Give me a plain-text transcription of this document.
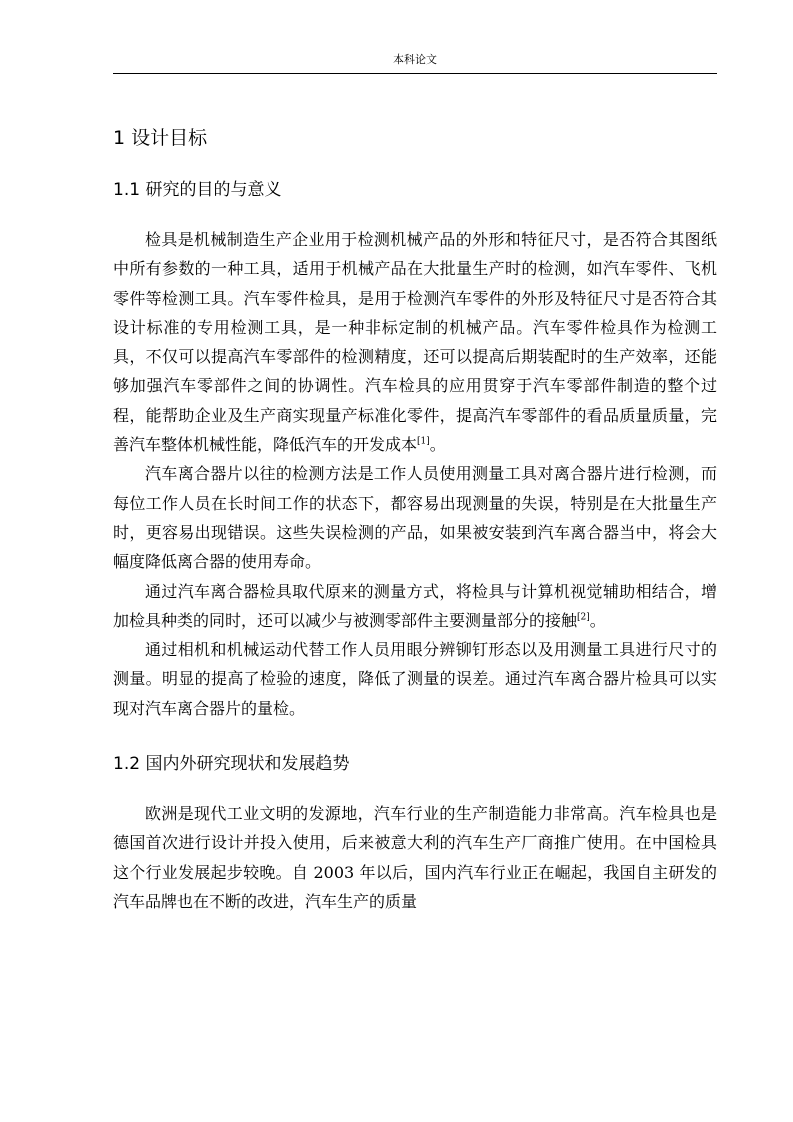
本科论文
1 设计目标
1.1 研究的目的与意义

检具是机械制造生产企业用于检测机械产品的外形和特征尺寸，是否符合其图纸中所有参数的一种工具，适用于机械产品在大批量生产时的检测，如汽车零件、飞机零件等检测工具。汽车零件检具，是用于检测汽车零件的外形及特征尺寸是否符合其设计标准的专用检测工具，是一种非标定制的机械产品。汽车零件检具作为检测工具，不仅可以提高汽车零部件的检测精度，还可以提高后期装配时的生产效率，还能够加强汽车零部件之间的协调性。汽车检具的应用贯穿于汽车零部件制造的整个过程，能帮助企业及生产商实现量产标准化零件，提高汽车零部件的看品质量质量，完善汽车整体机械性能，降低汽车的开发成本[1]。

汽车离合器片以往的检测方法是工作人员使用测量工具对离合器片进行检测，而每位工作人员在长时间工作的状态下，都容易出现测量的失误，特别是在大批量生产时，更容易出现错误。这些失误检测的产品，如果被安装到汽车离合器当中，将会大幅度降低离合器的使用寿命。

通过汽车离合器检具取代原来的测量方式，将检具与计算机视觉辅助相结合，增加检具种类的同时，还可以减少与被测零部件主要测量部分的接触[2]。

通过相机和机械运动代替工作人员用眼分辨铆钉形态以及用测量工具进行尺寸的测量。明显的提高了检验的速度，降低了测量的误差。通过汽车离合器片检具可以实现对汽车离合器片的量检。

1.2 国内外研究现状和发展趋势

欧洲是现代工业文明的发源地，汽车行业的生产制造能力非常高。汽车检具也是德国首次进行设计并投入使用，后来被意大利的汽车生产厂商推广使用。在中国检具这个行业发展起步较晚。自 2003 年以后，国内汽车行业正在崛起，我国自主研发的汽车品牌也在不断的改进，汽车生产的质量
